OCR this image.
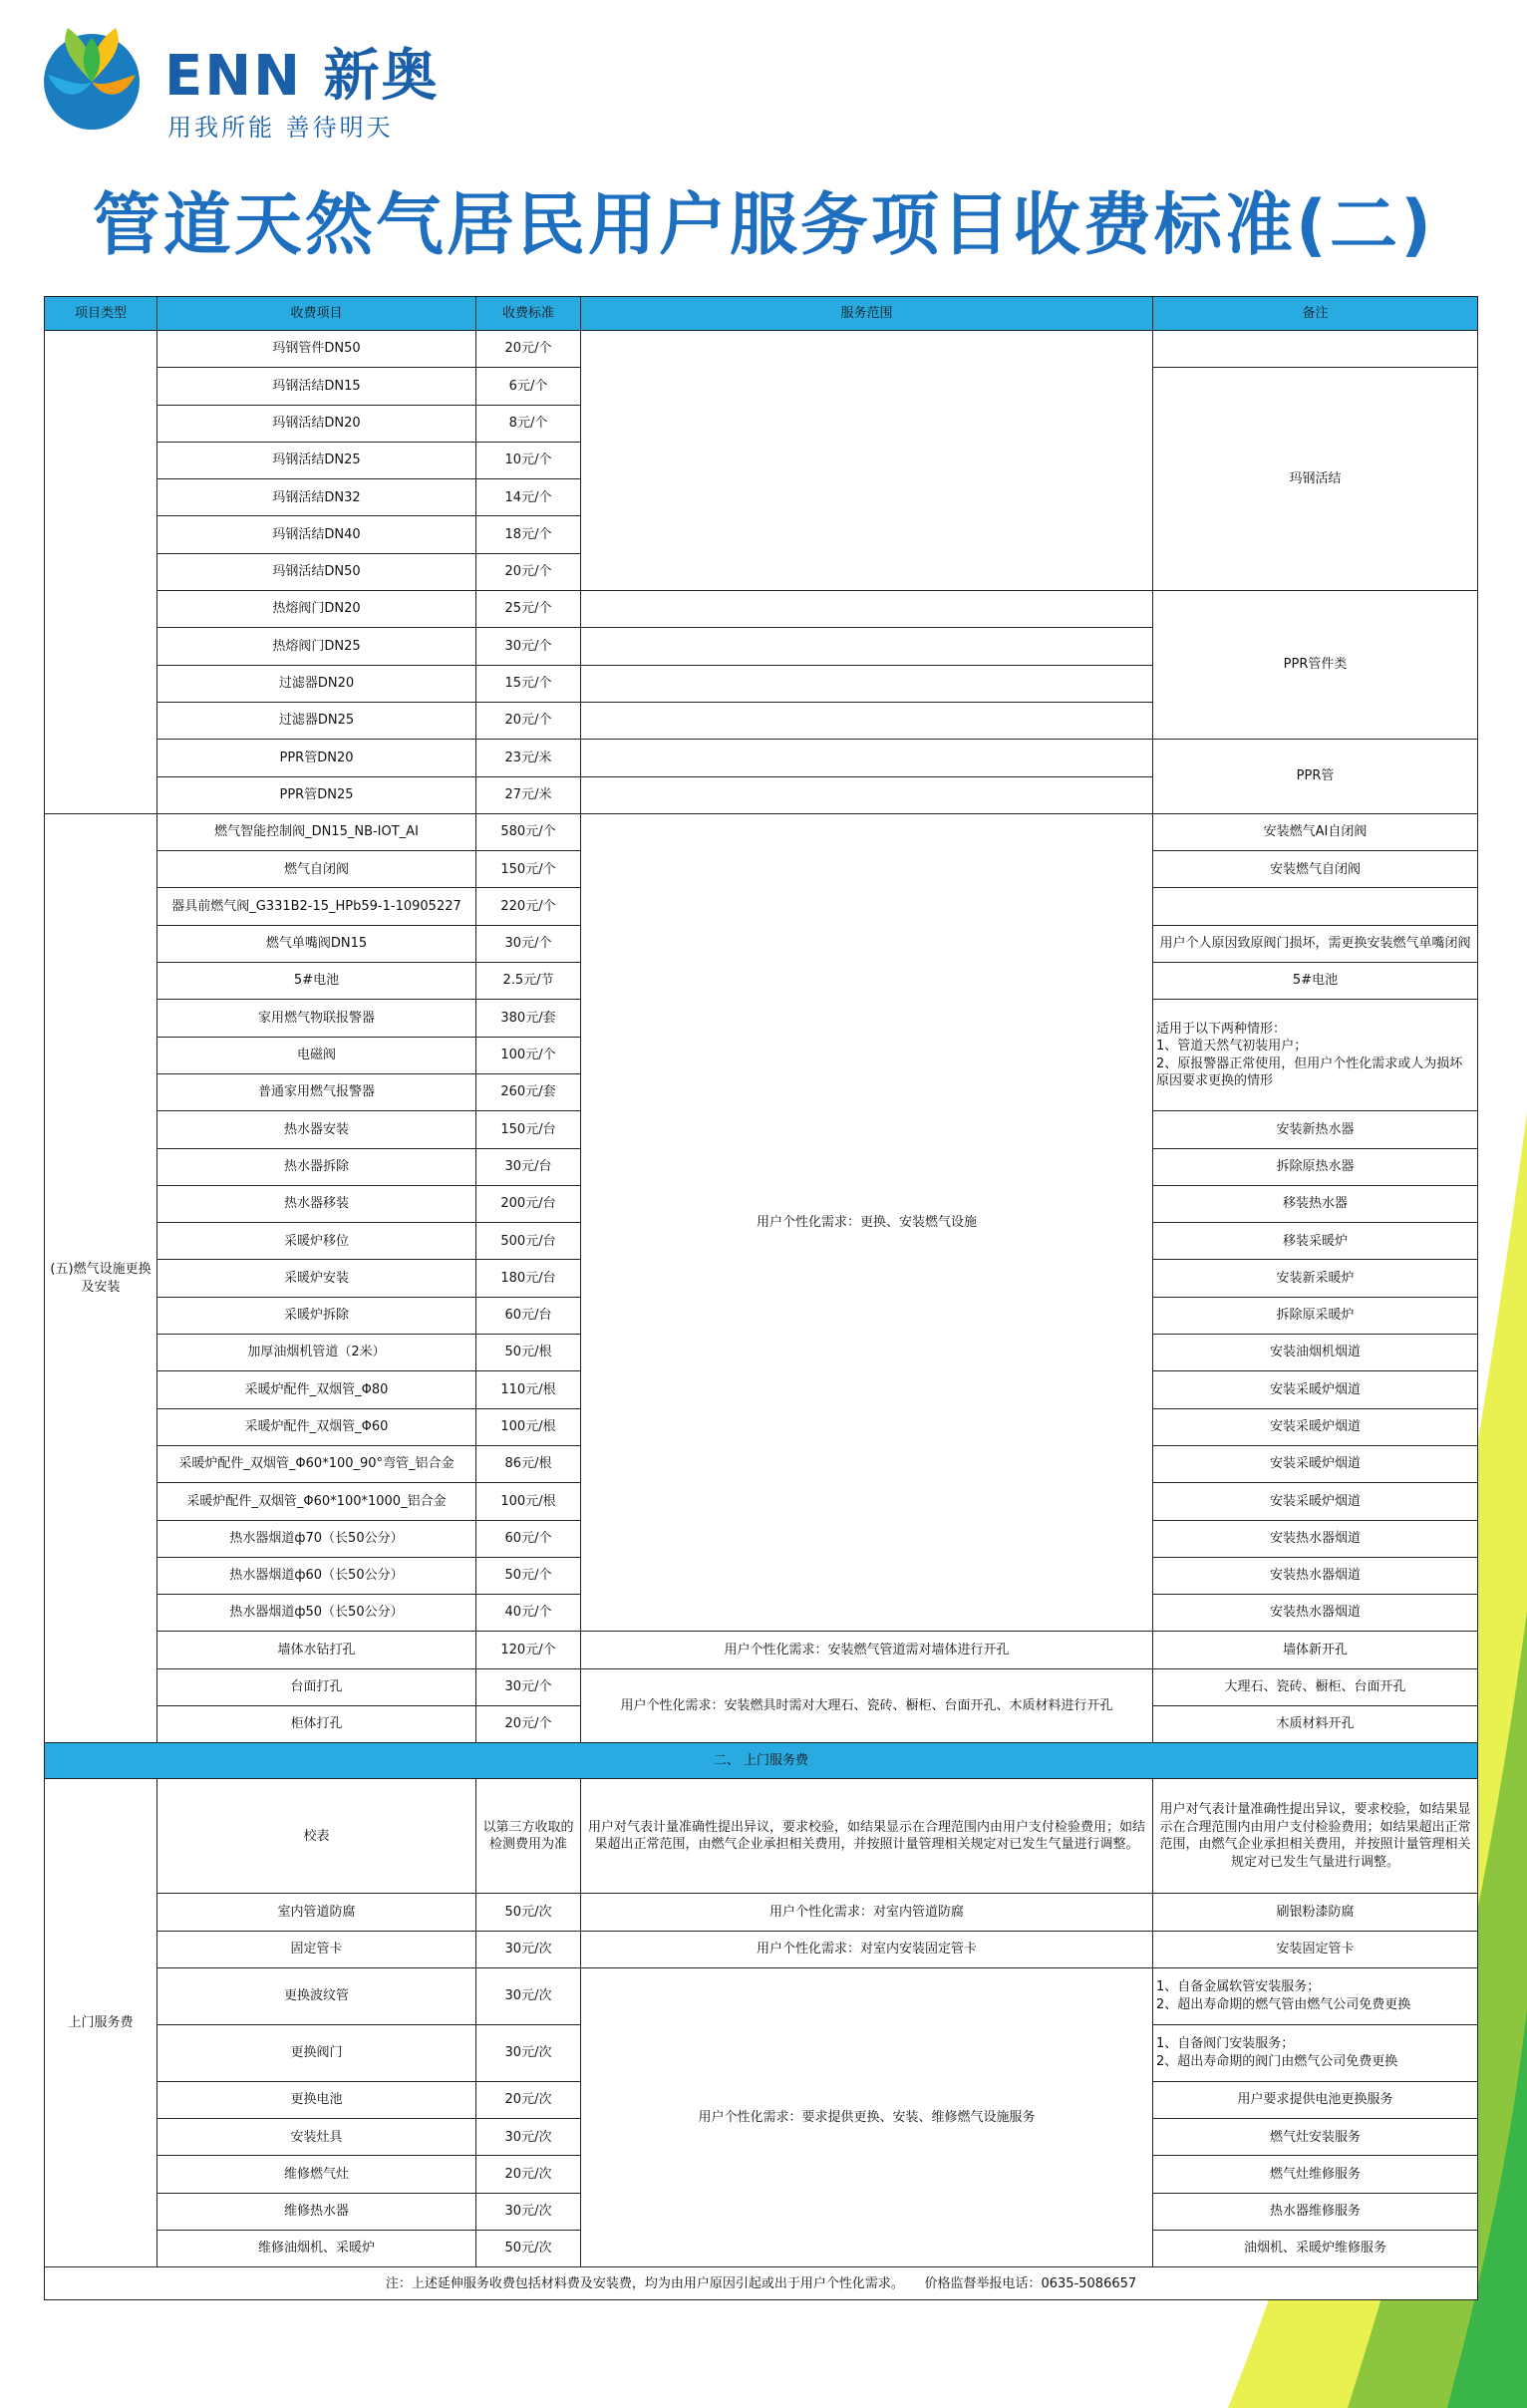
ENN 新奥
用我所能 善待明天
管道天然气居民用户服务项目收费标准(二)
项目类型	收费项目	收费标准	服务范围	备注
	玛钢管件DN50	20元/个		
	玛钢活结DN15	6元/个		玛钢活结
	玛钢活结DN20	8元/个		
	玛钢活结DN25	10元/个		
	玛钢活结DN32	14元/个		
	玛钢活结DN40	18元/个		
	玛钢活结DN50	20元/个		
	热熔阀门DN20	25元/个		PPR管件类
	热熔阀门DN25	30元/个		
	过滤器DN20	15元/个		
	过滤器DN25	20元/个		
	PPR管DN20	23元/米		PPR管
	PPR管DN25	27元/米		
(五)燃气设施更换及安装	燃气智能控制阀_DN15_NB-IOT_AI	580元/个	用户个性化需求：更换、安装燃气设施	安装燃气AI自闭阀
	燃气自闭阀	150元/个		安装燃气自闭阀
	器具前燃气阀_G331B2-15_HPb59-1-10905227	220元/个		
	燃气单嘴阀DN15	30元/个		用户个人原因致原阀门损坏，需更换安装燃气单嘴闭阀
	5#电池	2.5元/节		5#电池
	家用燃气物联报警器	380元/套		适用于以下两种情形：
1、管道天然气初装用户；
2、原报警器正常使用，但用户个性化需求或人为损坏原因要求更换的情形
	电磁阀	100元/个		
	普通家用燃气报警器	260元/套		
	热水器安装	150元/台		安装新热水器
	热水器拆除	30元/台		拆除原热水器
	热水器移装	200元/台		移装热水器
	采暖炉移位	500元/台		移装采暖炉
	采暖炉安装	180元/台		安装新采暖炉
	采暖炉拆除	60元/台		拆除原采暖炉
	加厚油烟机管道（2米）	50元/根		安装油烟机烟道
	采暖炉配件_双烟管_Φ80	110元/根		安装采暖炉烟道
	采暖炉配件_双烟管_Φ60	100元/根		安装采暖炉烟道
	采暖炉配件_双烟管_Φ60*100_90°弯管_铝合金	86元/根		安装采暖炉烟道
	采暖炉配件_双烟管_Φ60*100*1000_铝合金	100元/根		安装采暖炉烟道
	热水器烟道ф70（长50公分）	60元/个		安装热水器烟道
	热水器烟道ф60（长50公分）	50元/个		安装热水器烟道
	热水器烟道ф50（长50公分）	40元/个		安装热水器烟道
	墙体水钻打孔	120元/个	用户个性化需求：安装燃气管道需对墙体进行开孔	墙体新开孔
	台面打孔	30元/个	用户个性化需求：安装燃具时需对大理石、瓷砖、橱柜、台面开孔、木质材料进行开孔	大理石、瓷砖、橱柜、台面开孔
	柜体打孔	20元/个		木质材料开孔
二、 上门服务费				
上门服务费	校表	以第三方收取的检测费用为准	用户对气表计量准确性提出异议，要求校验，如结果显示在合理范围内由用户支付检验费用；如结果超出正常范围，由燃气企业承担相关费用，并按照计量管理相关规定对已发生气量进行调整。	用户对气表计量准确性提出异议，要求校验，如结果显示在合理范围内由用户支付检验费用；如结果超出正常范围，由燃气企业承担相关费用，并按照计量管理相关规定对已发生气量进行调整。
	室内管道防腐	50元/次	用户个性化需求：对室内管道防腐	刷银粉漆防腐
	固定管卡	30元/次	用户个性化需求：对室内安装固定管卡	安装固定管卡
	更换波纹管	30元/次	用户个性化需求：要求提供更换、安装、维修燃气设施服务	1、自备金属软管安装服务；
2、超出寿命期的燃气管由燃气公司免费更换
	更换阀门	30元/次		1、自备阀门安装服务；
2、超出寿命期的阀门由燃气公司免费更换
	更换电池	20元/次		用户要求提供电池更换服务
	安装灶具	30元/次		燃气灶安装服务
	维修燃气灶	20元/次		燃气灶维修服务
	维修热水器	30元/次		热水器维修服务
	维修油烟机、采暖炉	50元/次		油烟机、采暖炉维修服务
注：上述延伸服务收费包括材料费及安装费，均为由用户原因引起或出于用户个性化需求。     价格监督举报电话：0635-5086657				
